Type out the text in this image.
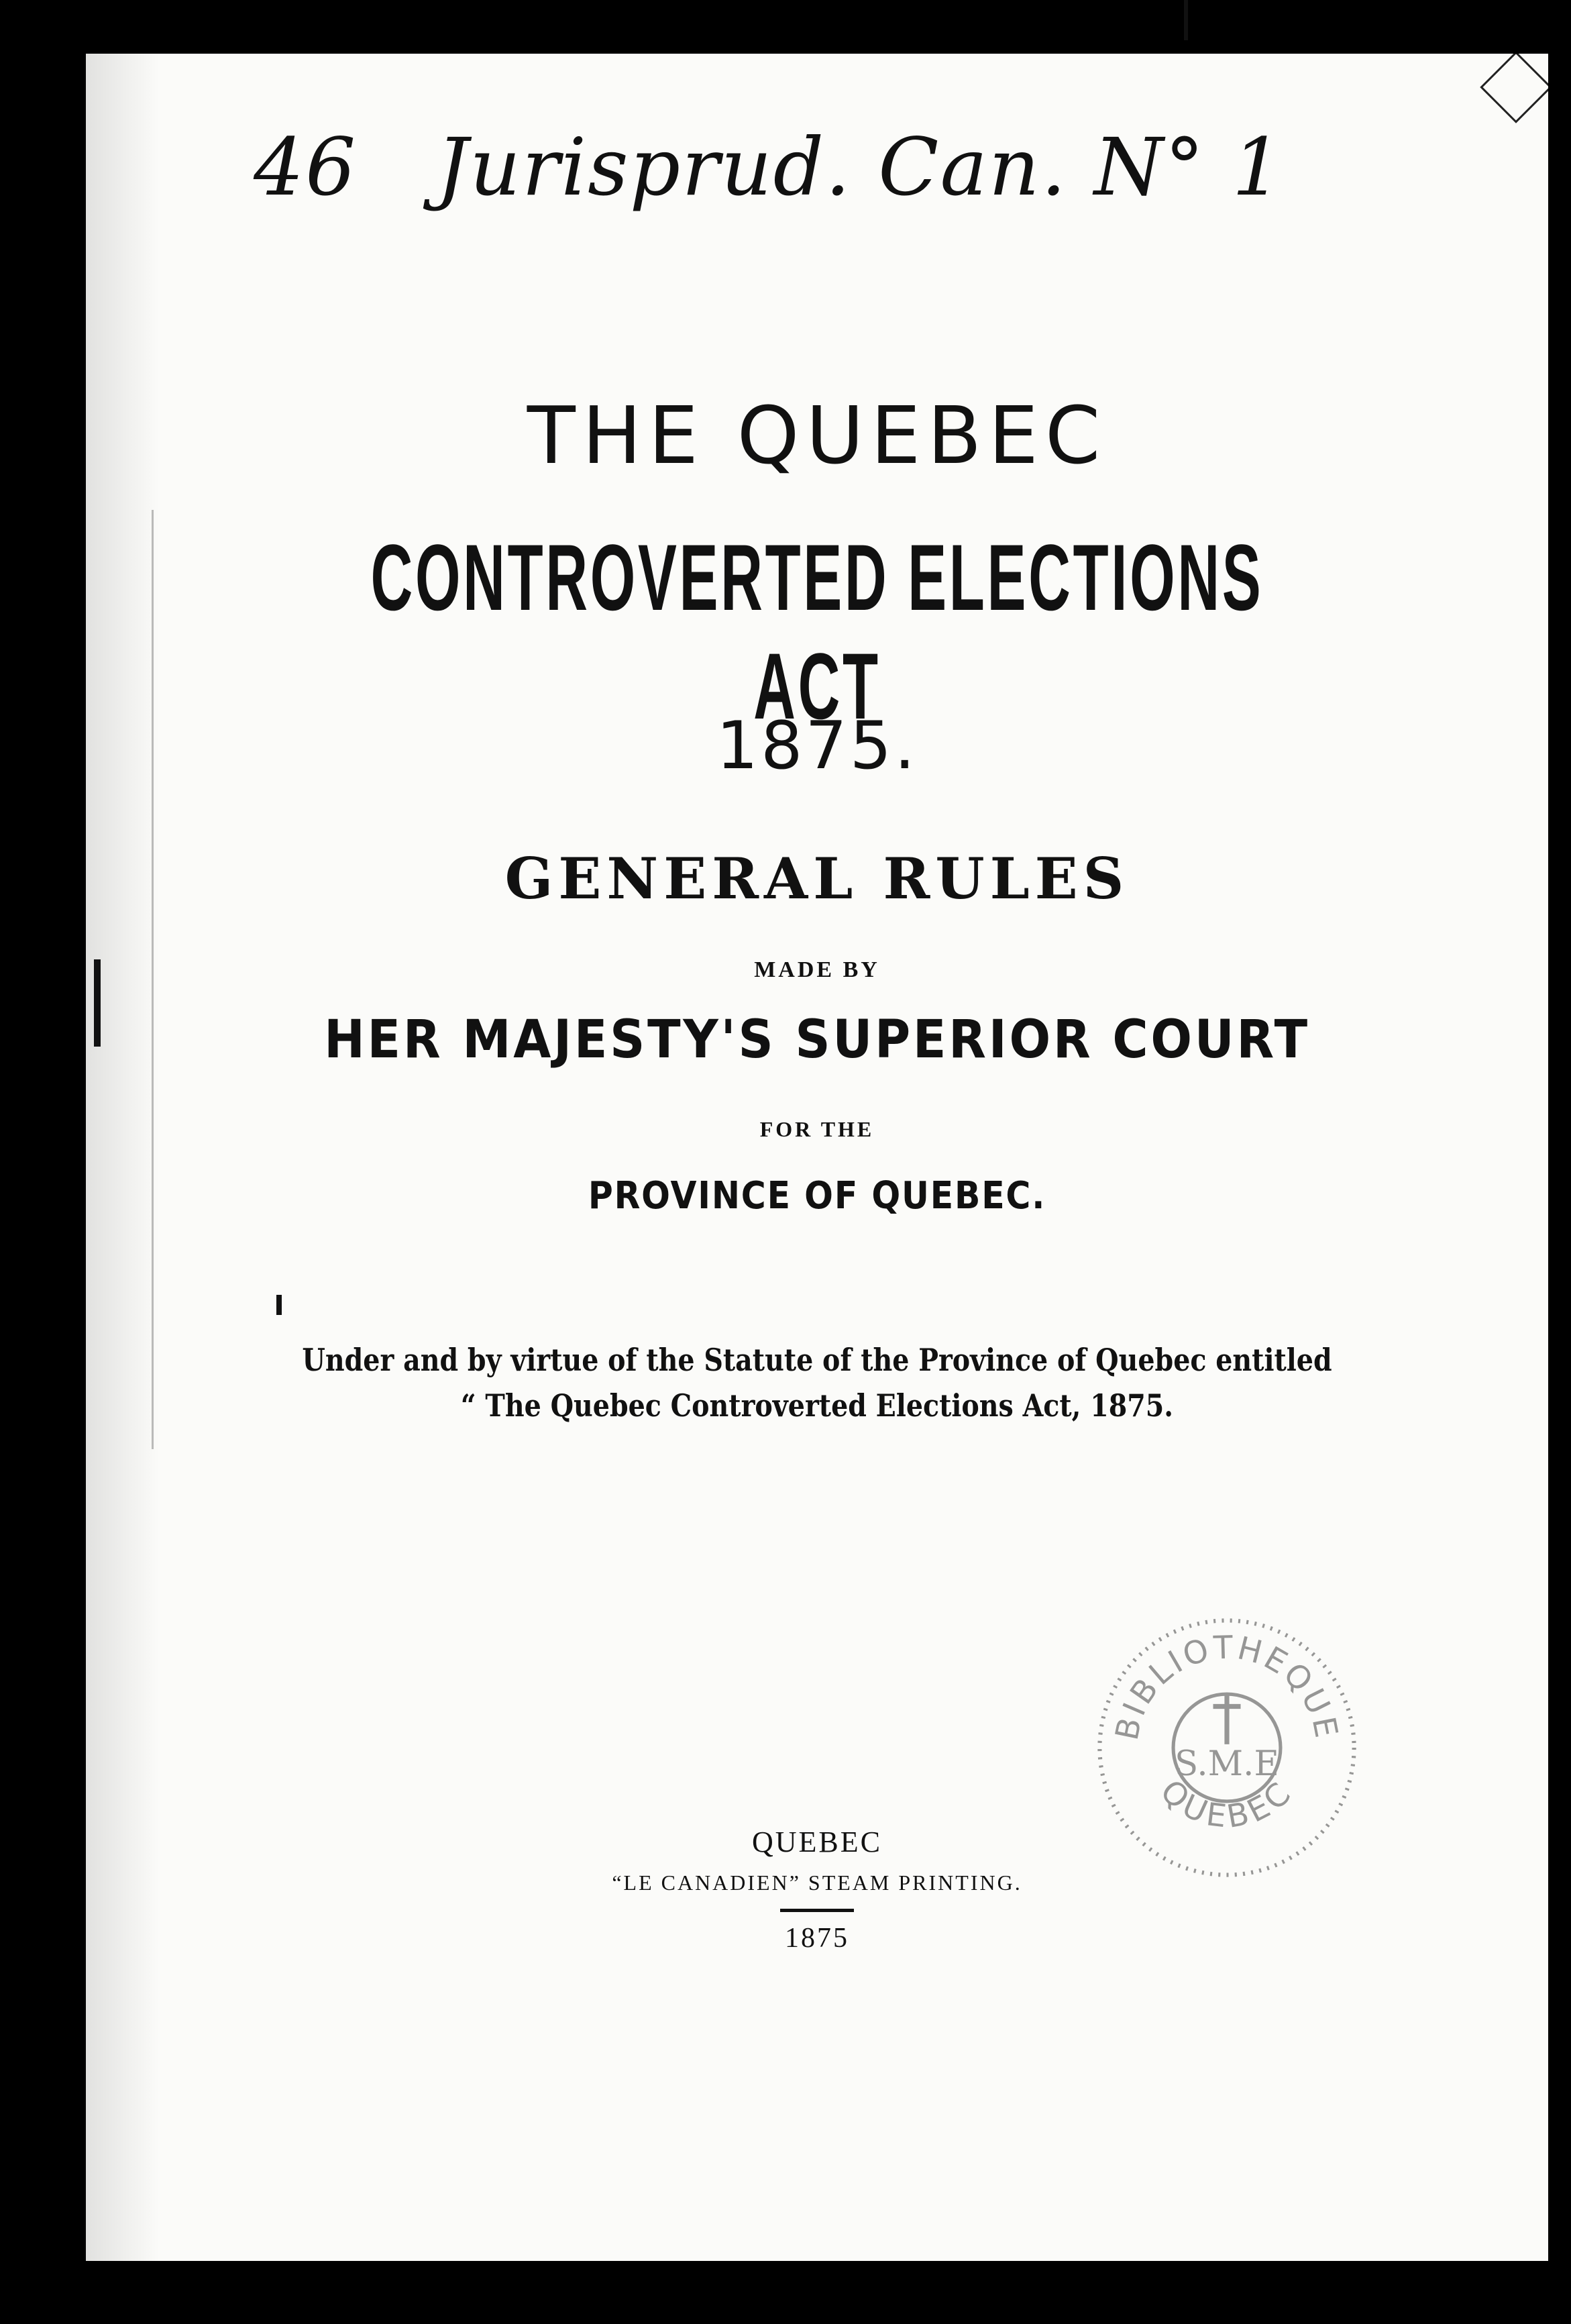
46   Jurisprud. Can. N° 1
THE QUEBEC
CONTROVERTED ELECTIONS ACT
1875.
GENERAL RULES
MADE BY
HER MAJESTY'S SUPERIOR COURT
FOR THE
PROVINCE OF QUEBEC.
Under and by virtue of the Statute of the Province of Quebec entitled
“ The Quebec Controverted Elections Act, 1875.
BIBLIOTHEQUE
S.M.E
QUEBEC
QUEBEC
“LE CANADIEN” STEAM PRINTING.
1875
